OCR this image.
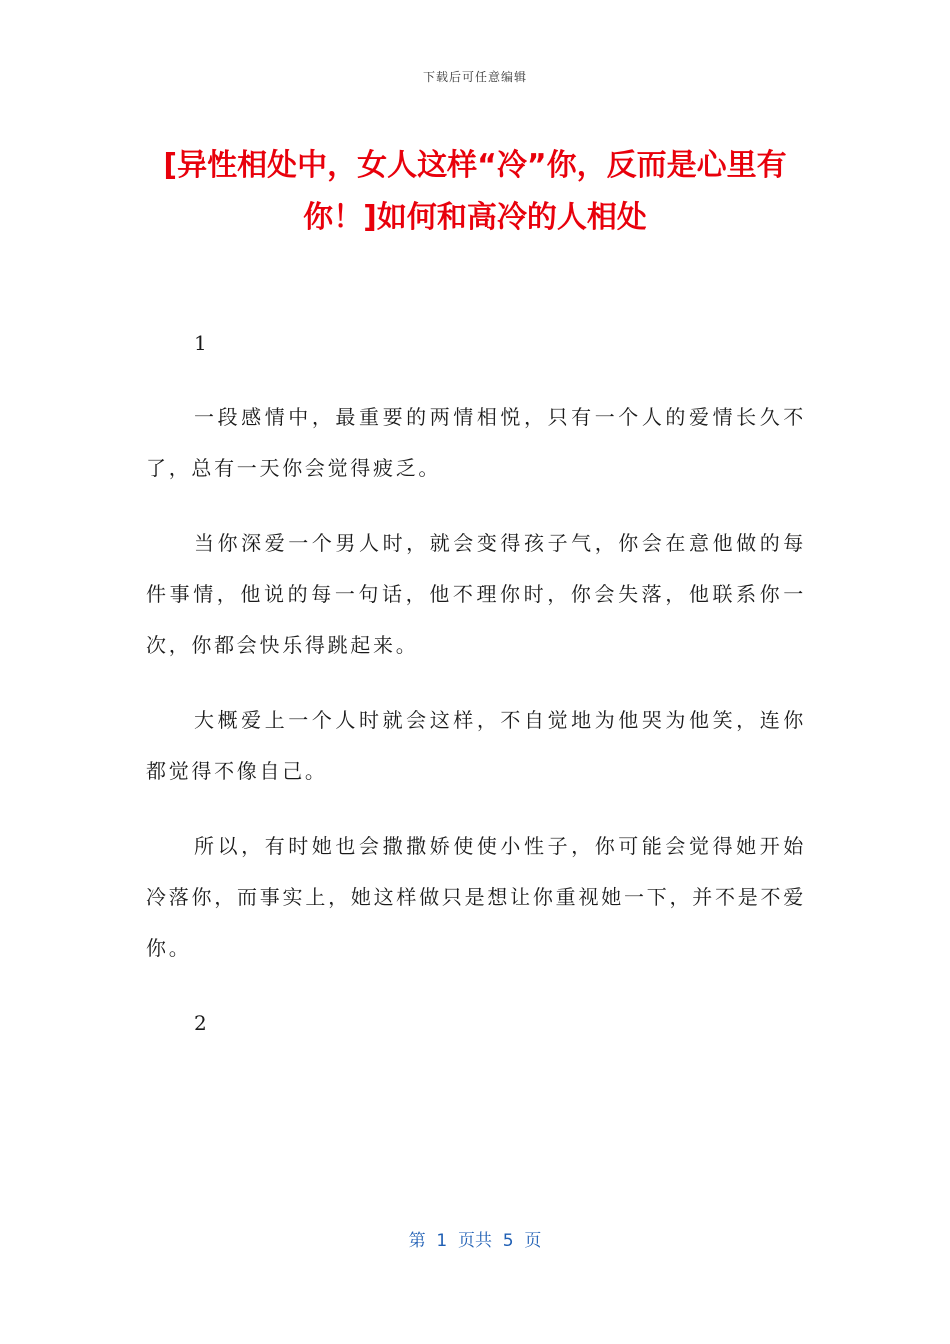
下载后可任意编辑
[异性相处中，女人这样“冷”你，反而是心里有你！]如何和高冷的人相处

1

一段感情中，最重要的两情相悦，只有一个人的爱情长久不了，总有一天你会觉得疲乏。

当你深爱一个男人时，就会变得孩子气，你会在意他做的每件事情，他说的每一句话，他不理你时，你会失落，他联系你一次，你都会快乐得跳起来。

大概爱上一个人时就会这样，不自觉地为他哭为他笑，连你都觉得不像自己。

所以，有时她也会撒撒娇使使小性子，你可能会觉得她开始冷落你，而事实上，她这样做只是想让你重视她一下，并不是不爱你。

2

第  1  页共  5  页
